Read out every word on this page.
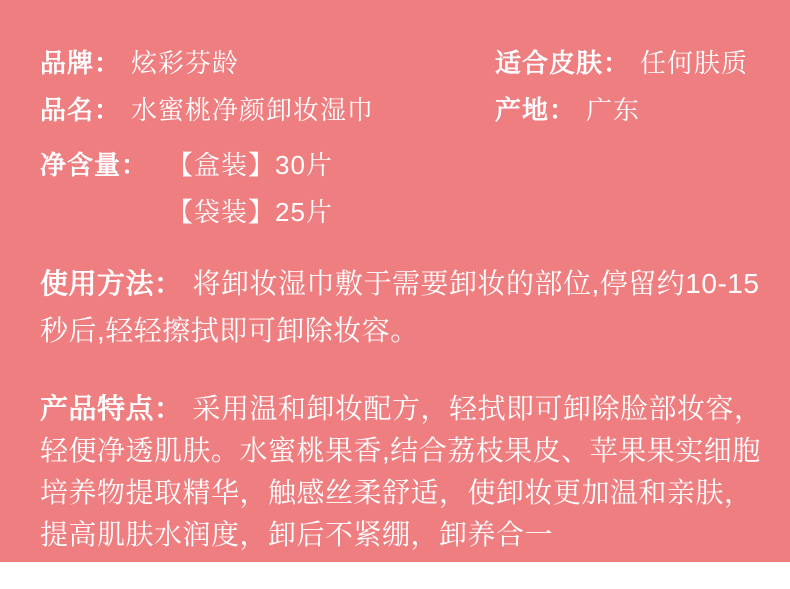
品牌： 炫彩芬龄	适合皮肤： 任何肤质
品名： 水蜜桃净颜卸妆湿巾	产地： 广东
净含量： 【盒装】30片
【袋装】25片
使用方法： 将卸妆湿巾敷于需要卸妆的部位,停留约10-15
秒后,轻轻擦拭即可卸除妆容。
产品特点： 采用温和卸妆配方，轻拭即可卸除脸部妆容，
轻便净透肌肤。水蜜桃果香,结合荔枝果皮、苹果果实细胞
培养物提取精华，触感丝柔舒适，使卸妆更加温和亲肤，
提高肌肤水润度，卸后不紧绷，卸养合一
